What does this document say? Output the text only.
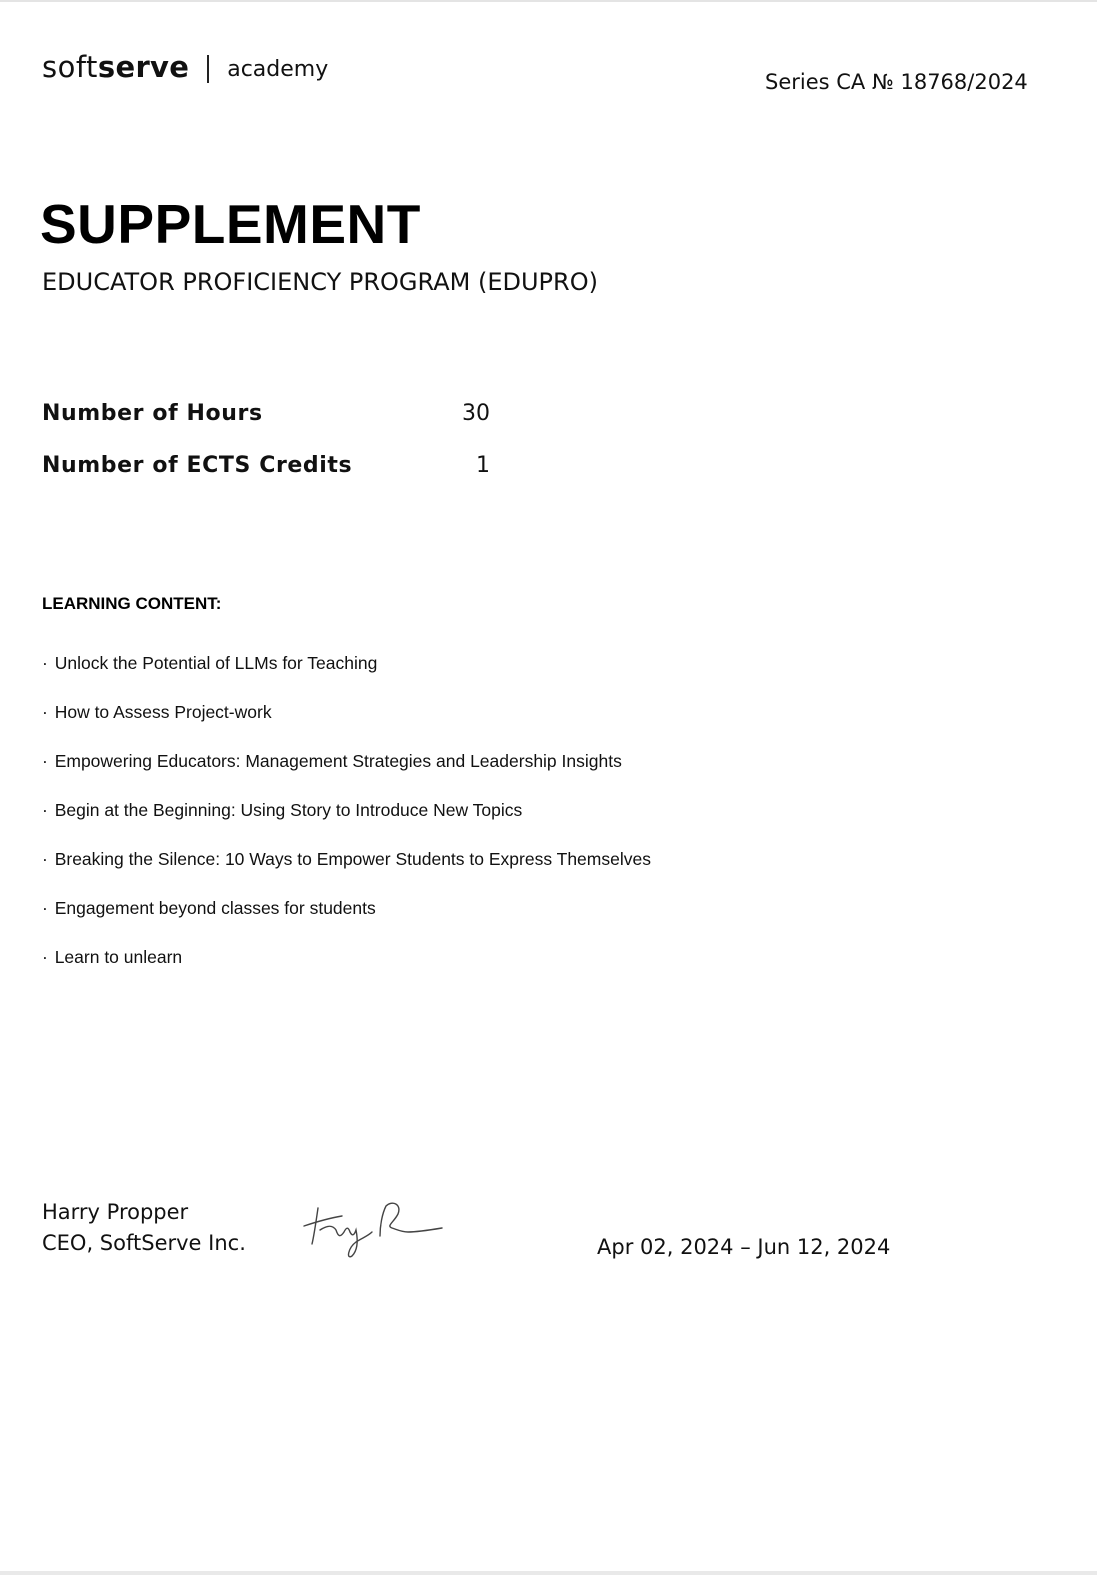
soft serve academy
Series CA № 18768/2024
SUPPLEMENT
EDUCATOR PROFICIENCY PROGRAM (EDUPRO)
Number of Hours	30
Number of ECTS Credits	1
LEARNING CONTENT:
· Unlock the Potential of LLMs for Teaching
· How to Assess Project-work
· Empowering Educators: Management Strategies and Leadership Insights
· Begin at the Beginning: Using Story to Introduce New Topics
· Breaking the Silence: 10 Ways to Empower Students to Express Themselves
· Engagement beyond classes for students
· Learn to unlearn
Harry Propper
CEO, SoftServe Inc.	Apr 02, 2024 – Jun 12, 2024
